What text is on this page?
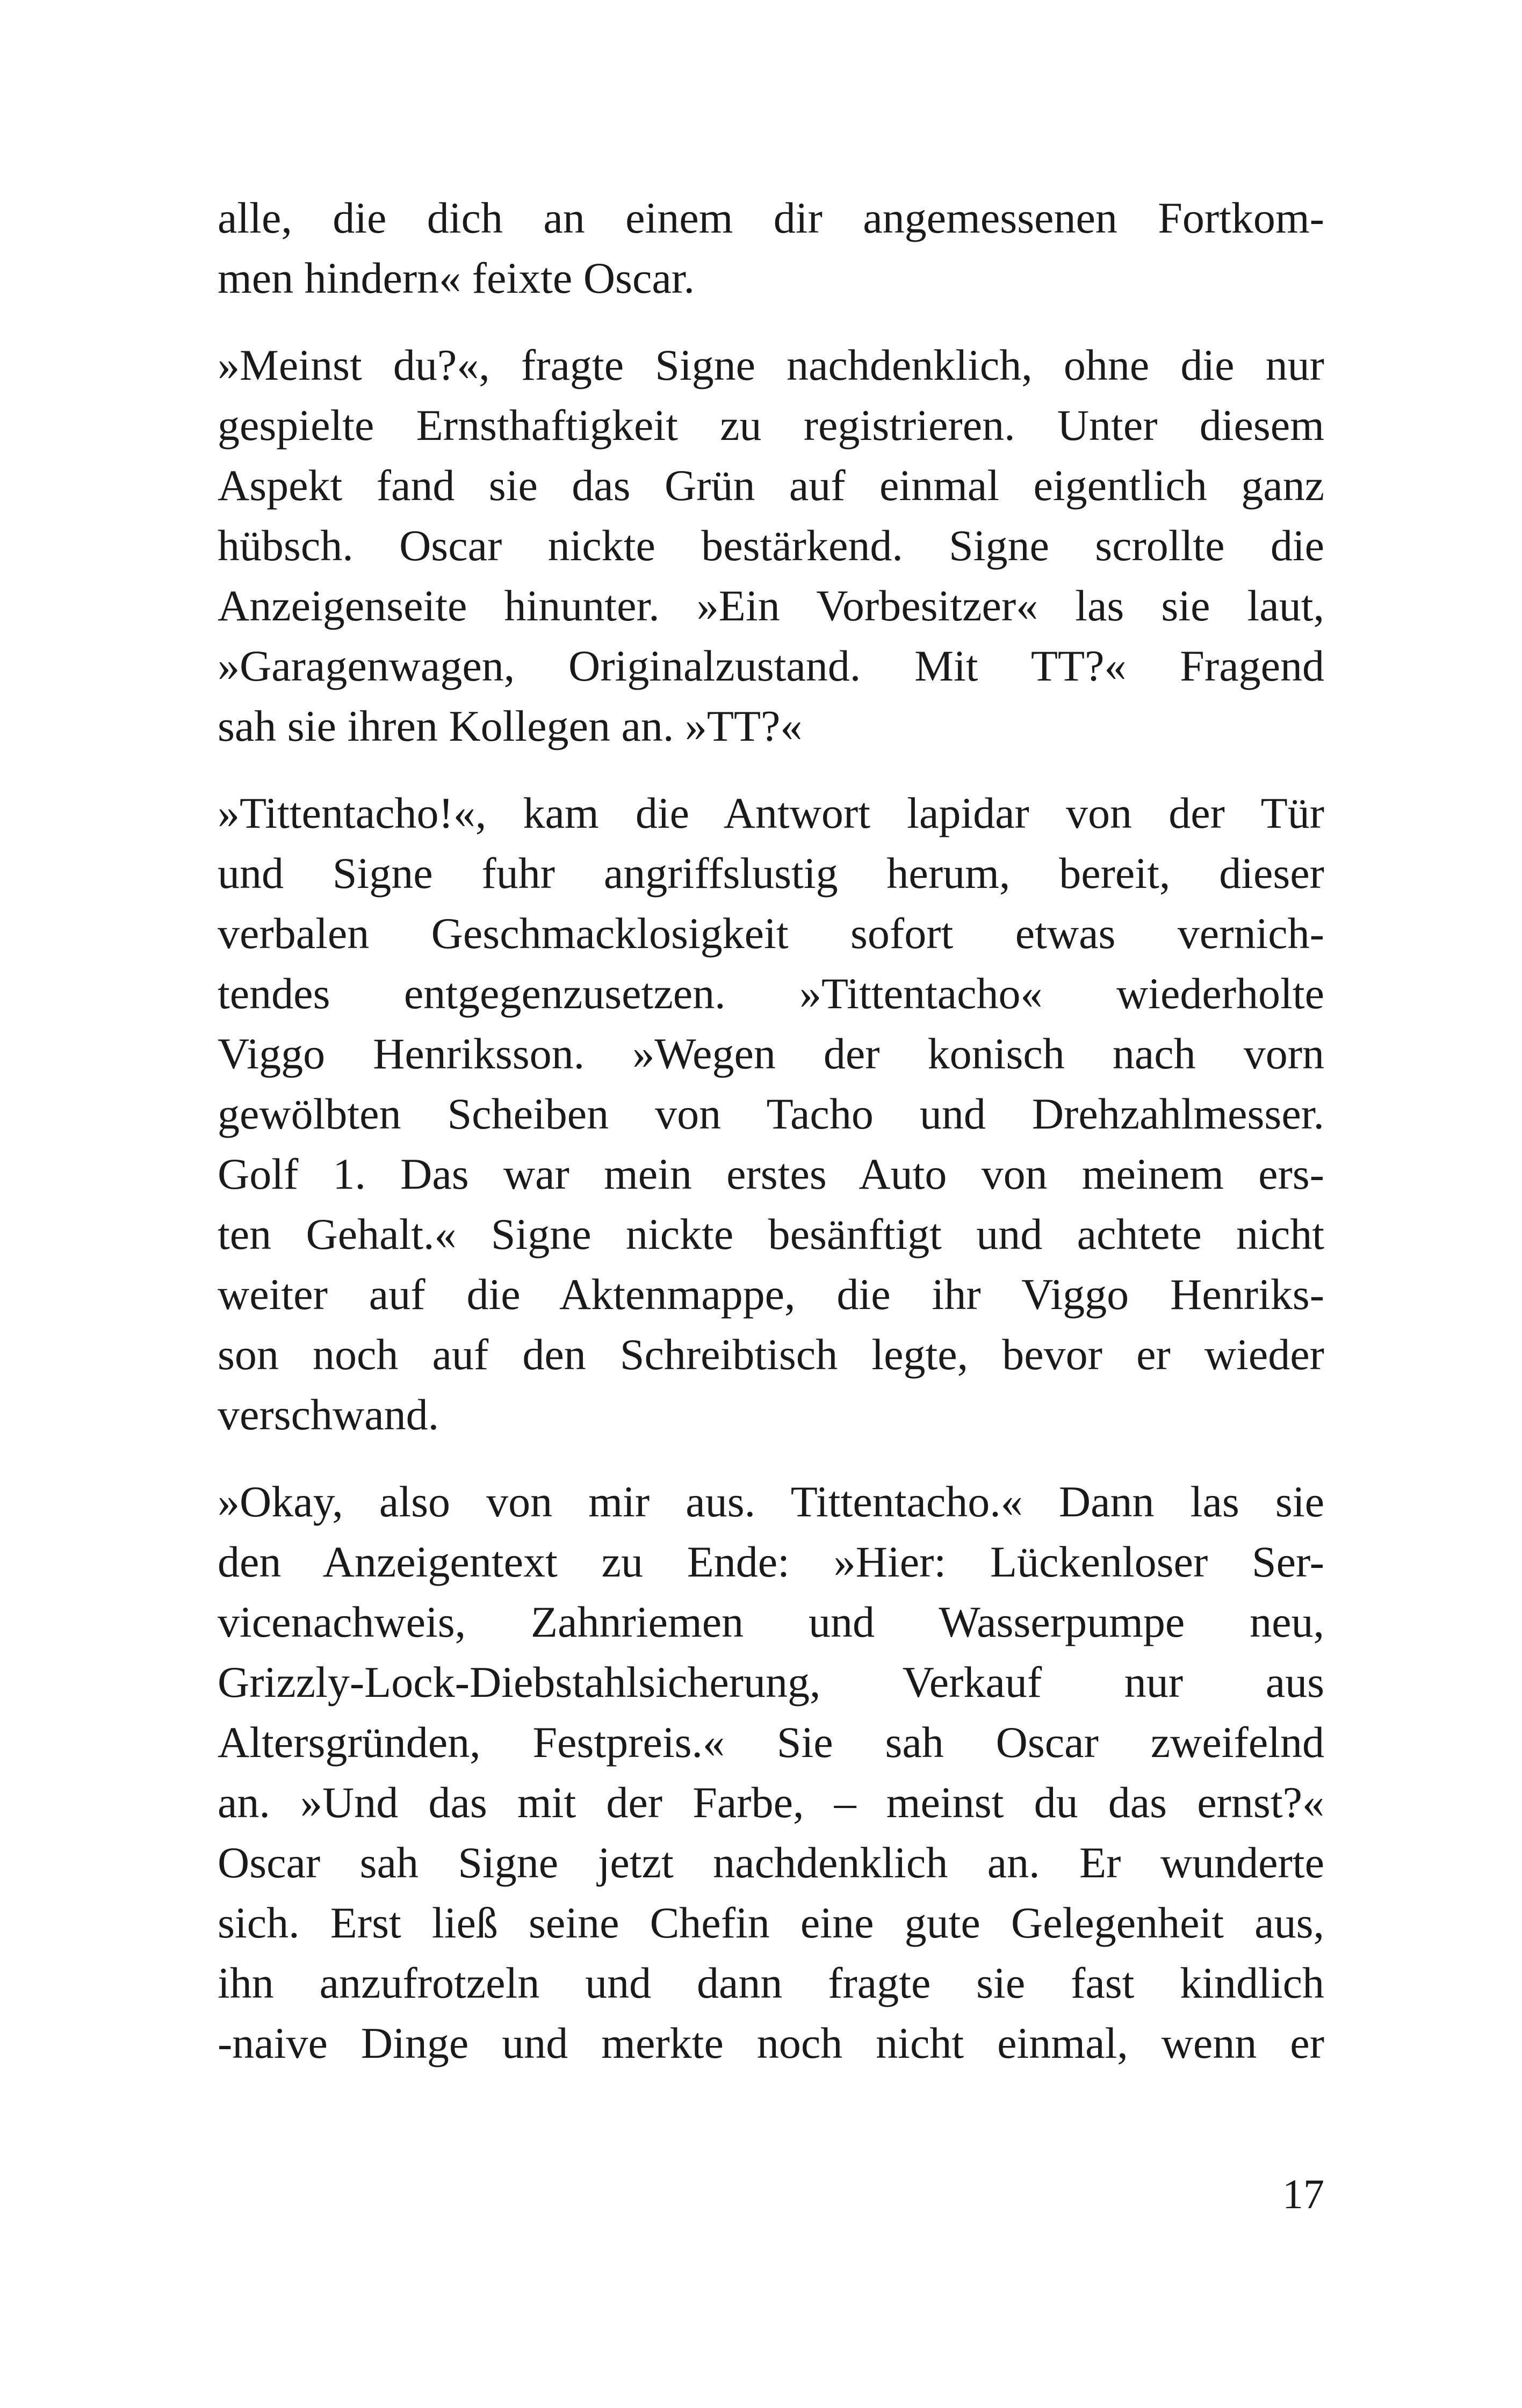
alle, die dich an einem dir angemessenen Fortkom-
men hindern« feixte Oscar.
»Meinst du?«, fragte Signe nachdenklich, ohne die nur
gespielte Ernsthaftigkeit zu registrieren. Unter diesem
Aspekt fand sie das Grün auf einmal eigentlich ganz
hübsch. Oscar nickte bestärkend. Signe scrollte die
Anzeigenseite hinunter. »Ein Vorbesitzer« las sie laut,
»Garagenwagen, Originalzustand. Mit TT?« Fragend
sah sie ihren Kollegen an. »TT?«
»Tittentacho!«, kam die Antwort lapidar von der Tür
und Signe fuhr angriffslustig herum, bereit, dieser
verbalen Geschmacklosigkeit sofort etwas vernich-
tendes entgegenzusetzen. »Tittentacho« wiederholte
Viggo Henriksson. »Wegen der konisch nach vorn
gewölbten Scheiben von Tacho und Drehzahlmesser.
Golf 1. Das war mein erstes Auto von meinem ers-
ten Gehalt.« Signe nickte besänftigt und achtete nicht
weiter auf die Aktenmappe, die ihr Viggo Henriks-
son noch auf den Schreibtisch legte, bevor er wieder
verschwand.
»Okay, also von mir aus. Tittentacho.« Dann las sie
den Anzeigentext zu Ende: »Hier: Lückenloser Ser-
vicenachweis, Zahnriemen und Wasserpumpe neu,
Grizzly-Lock-Diebstahlsicherung, Verkauf nur aus
Altersgründen, Festpreis.« Sie sah Oscar zweifelnd
an. »Und das mit der Farbe, – meinst du das ernst?«
Oscar sah Signe jetzt nachdenklich an. Er wunderte
sich. Erst ließ seine Chefin eine gute Gelegenheit aus,
ihn anzufrotzeln und dann fragte sie fast kindlich
-naive Dinge und merkte noch nicht einmal, wenn er
17
